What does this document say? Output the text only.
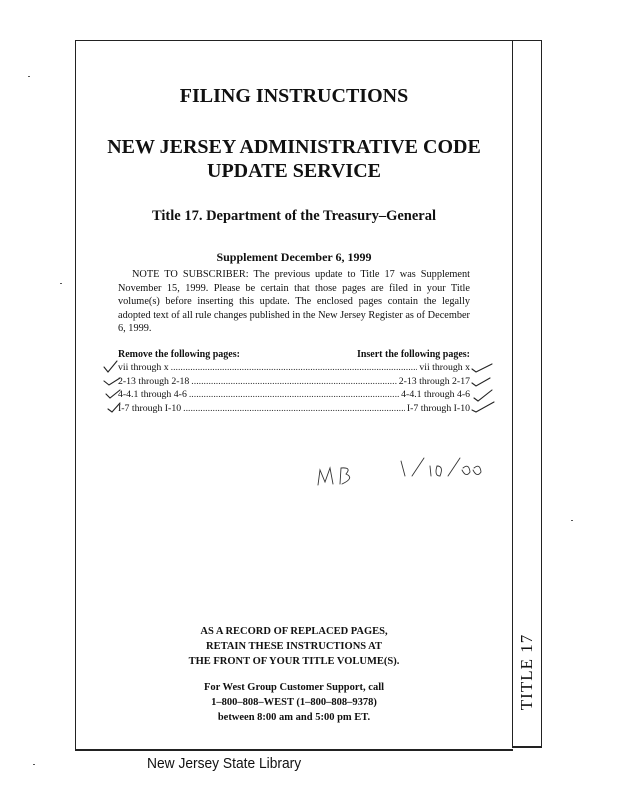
TITLE 17
FILING INSTRUCTIONS
NEW JERSEY ADMINISTRATIVE CODE
UPDATE SERVICE
Title 17. Department of the Treasury–General
Supplement December 6, 1999
NOTE TO SUBSCRIBER: The previous update to Title 17 was Supplement November 15, 1999. Please be certain that those pages are filed in your Title volume(s) before inserting this update. The enclosed pages contain the legally adopted text of all rule changes published in the New Jersey Register as of December 6, 1999.
Remove the following pages:	Insert the following pages:
vii through x .....	vii through x
2-13 through 2-18 .....	2-13 through 2-17
4-4.1 through 4-6 .....	4-4.1 through 4-6
I-7 through I-10 .....	I-7 through I-10
AS A RECORD OF REPLACED PAGES,
RETAIN THESE INSTRUCTIONS AT
THE FRONT OF YOUR TITLE VOLUME(S).
For West Group Customer Support, call
1–800–808–WEST (1–800–808–9378)
between 8:00 am and 5:00 pm ET.
New Jersey State Library
